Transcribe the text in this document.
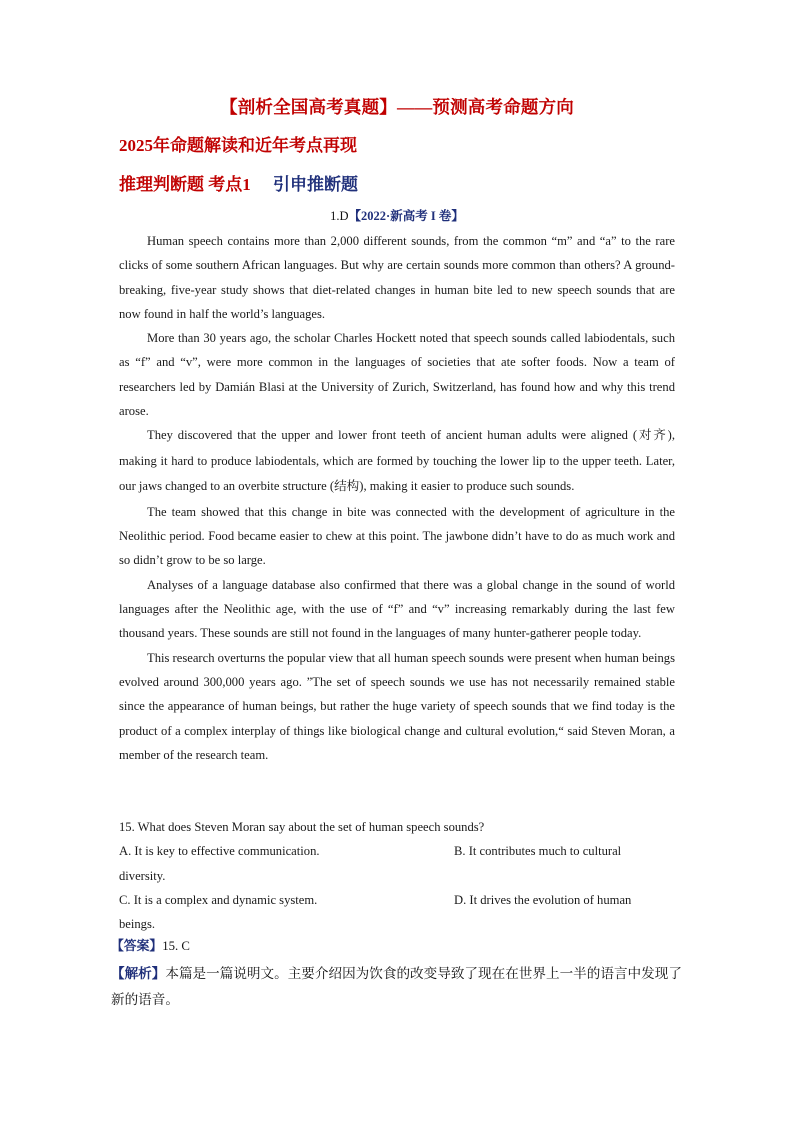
【剖析全国高考真题】——预测高考命题方向
2025年命题解读和近年考点再现
推理判断题 考点1 引申推断题
1.D【2022·新高考 I 卷】

Human speech contains more than 2,000 different sounds, from the common “m” and “a” to the rare clicks of some southern African languages. But why are certain sounds more common than others? A ground-breaking, five-year study shows that diet-related changes in human bite led to new speech sounds that are now found in half the world’s languages.

More than 30 years ago, the scholar Charles Hockett noted that speech sounds called labiodentals, such as “f” and “v”, were more common in the languages of societies that ate softer foods. Now a team of researchers led by Damián Blasi at the University of Zurich, Switzerland, has found how and why this trend arose.

They discovered that the upper and lower front teeth of ancient human adults were aligned (对齐), making it hard to produce labiodentals, which are formed by touching the lower lip to the upper teeth. Later, our jaws changed to an overbite structure (结构), making it easier to produce such sounds.

The team showed that this change in bite was connected with the development of agriculture in the Neolithic period. Food became easier to chew at this point. The jawbone didn’t have to do as much work and so didn’t grow to be so large.

Analyses of a language database also confirmed that there was a global change in the sound of world languages after the Neolithic age, with the use of “f” and “v” increasing remarkably during the last few thousand years. These sounds are still not found in the languages of many hunter-gatherer people today.

This research overturns the popular view that all human speech sounds were present when human beings evolved around 300,000 years ago. ”The set of speech sounds we use has not necessarily remained stable since the appearance of human beings, but rather the huge variety of speech sounds that we find today is the product of a complex interplay of things like biological change and cultural evolution,“ said Steven Moran, a member of the research team.

15. What does Steven Moran say about the set of human speech sounds?

A. It is key to effective communication.	B. It contributes much to cultural
diversity.
C. It is a complex and dynamic system.	D. It drives the evolution of human
beings.
【答案】15. C
【解析】本篇是一篇说明文。主要介绍因为饮食的改变导致了现在在世界上一半的语言中发现了新的语音。
